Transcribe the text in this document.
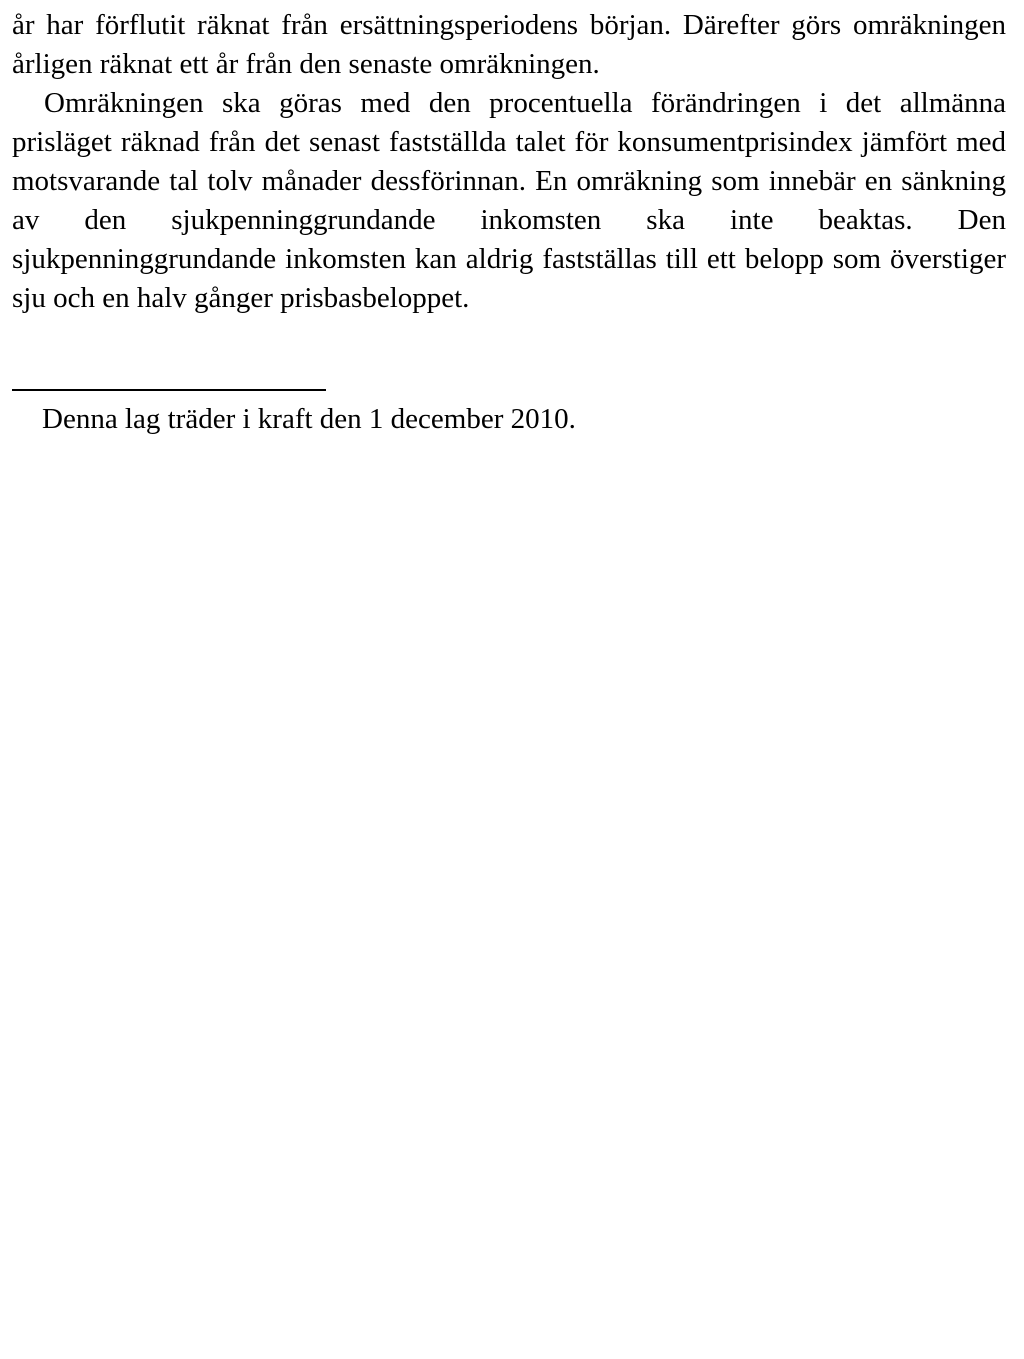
år har förflutit räknat från ersättningsperiodens början. Därefter görs omräkningen årligen räknat ett år från den senaste omräkningen.

Omräkningen ska göras med den procentuella förändringen i det allmänna prisläget räknad från det senast fastställda talet för konsumentprisindex jämfört med motsvarande tal tolv månader dessförinnan. En omräkning som innebär en sänkning av den sjukpenninggrundande inkomsten ska inte beaktas. Den sjukpenninggrundande inkomsten kan aldrig fastställas till ett belopp som överstiger sju och en halv gånger prisbasbeloppet.

Denna lag träder i kraft den 1 december 2010.
